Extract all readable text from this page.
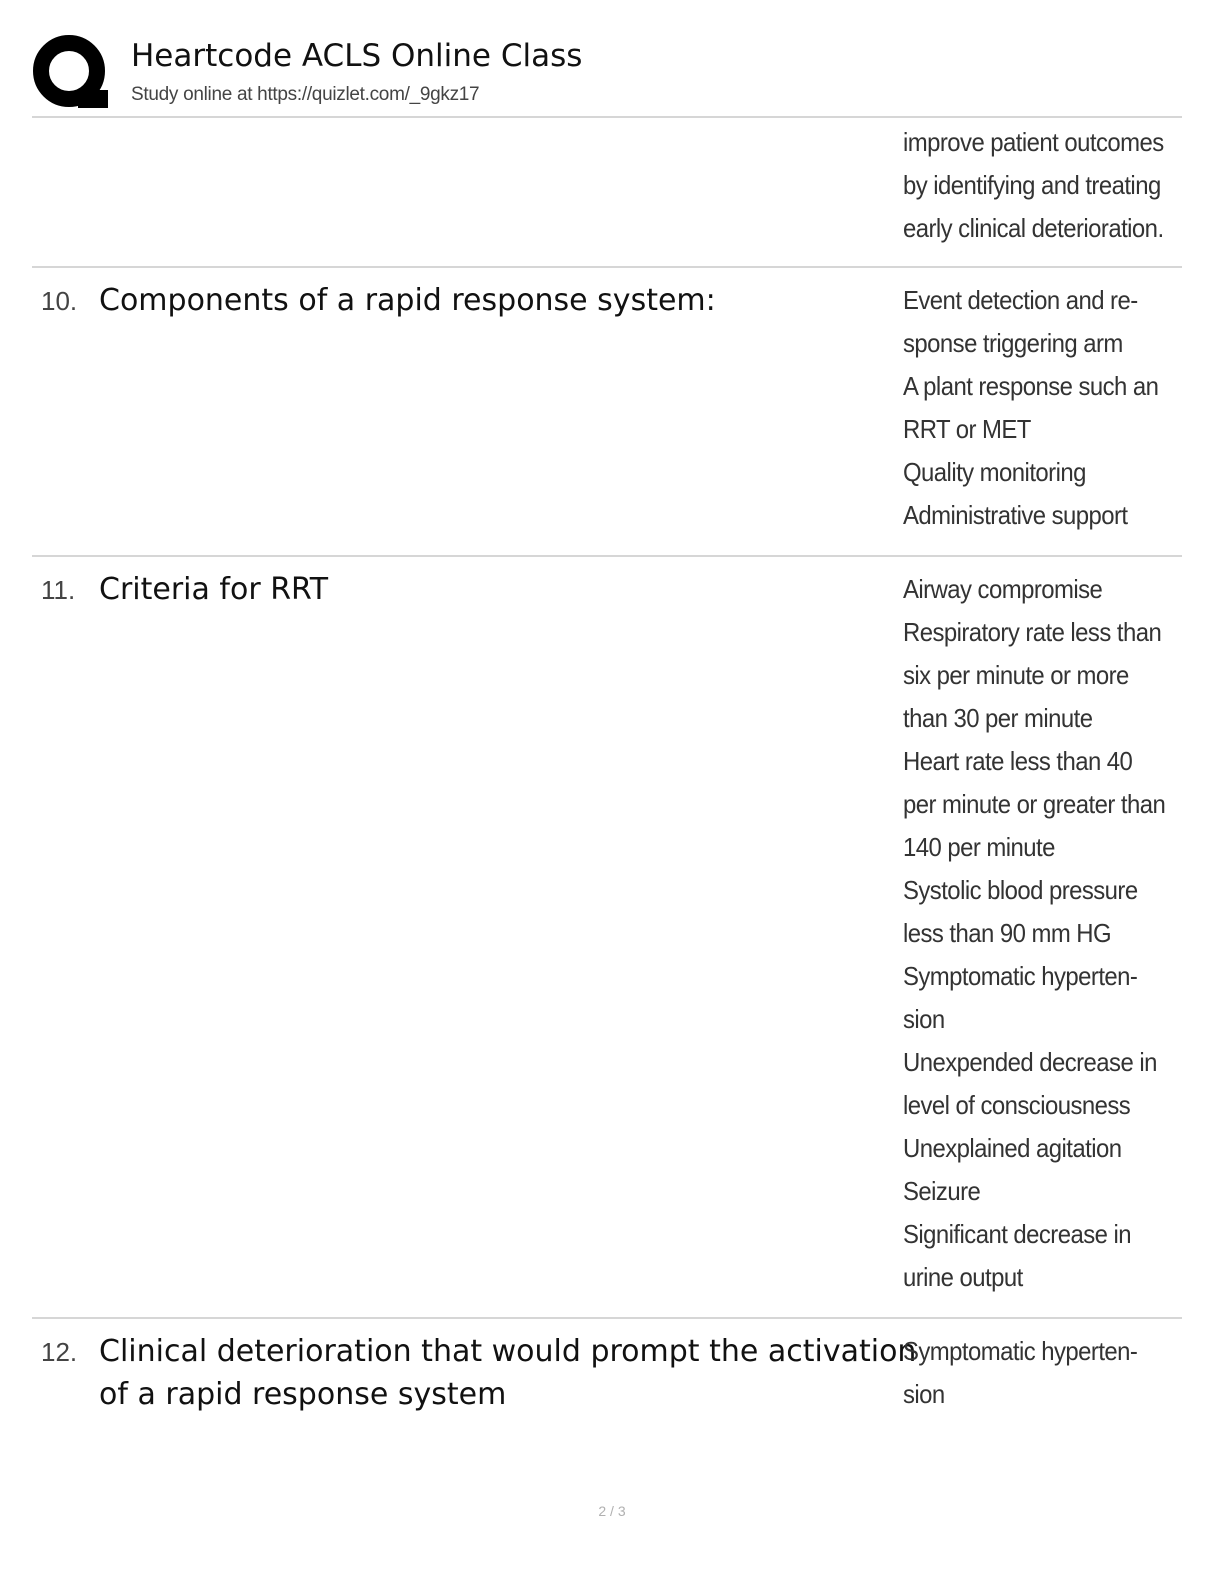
Heartcode ACLS Online Class
Study online at https://quizlet.com/_9gkz17
improve patient outcomes
by identifying and treating
early clinical deterioration.
10. Components of a rapid response system:	Event detection and re-
sponse triggering arm
A plant response such an
RRT or MET
Quality monitoring
Administrative support
11. Criteria for RRT	Airway compromise
Respiratory rate less than
six per minute or more
than 30 per minute
Heart rate less than 40
per minute or greater than
140 per minute
Systolic blood pressure
less than 90 mm HG
Symptomatic hyperten-
sion
Unexpended decrease in
level of consciousness
Unexplained agitation
Seizure
Significant decrease in
urine output
12. Clinical deterioration that would prompt the activation
of a rapid response system
Symptomatic hyperten-
sion
2 / 3
